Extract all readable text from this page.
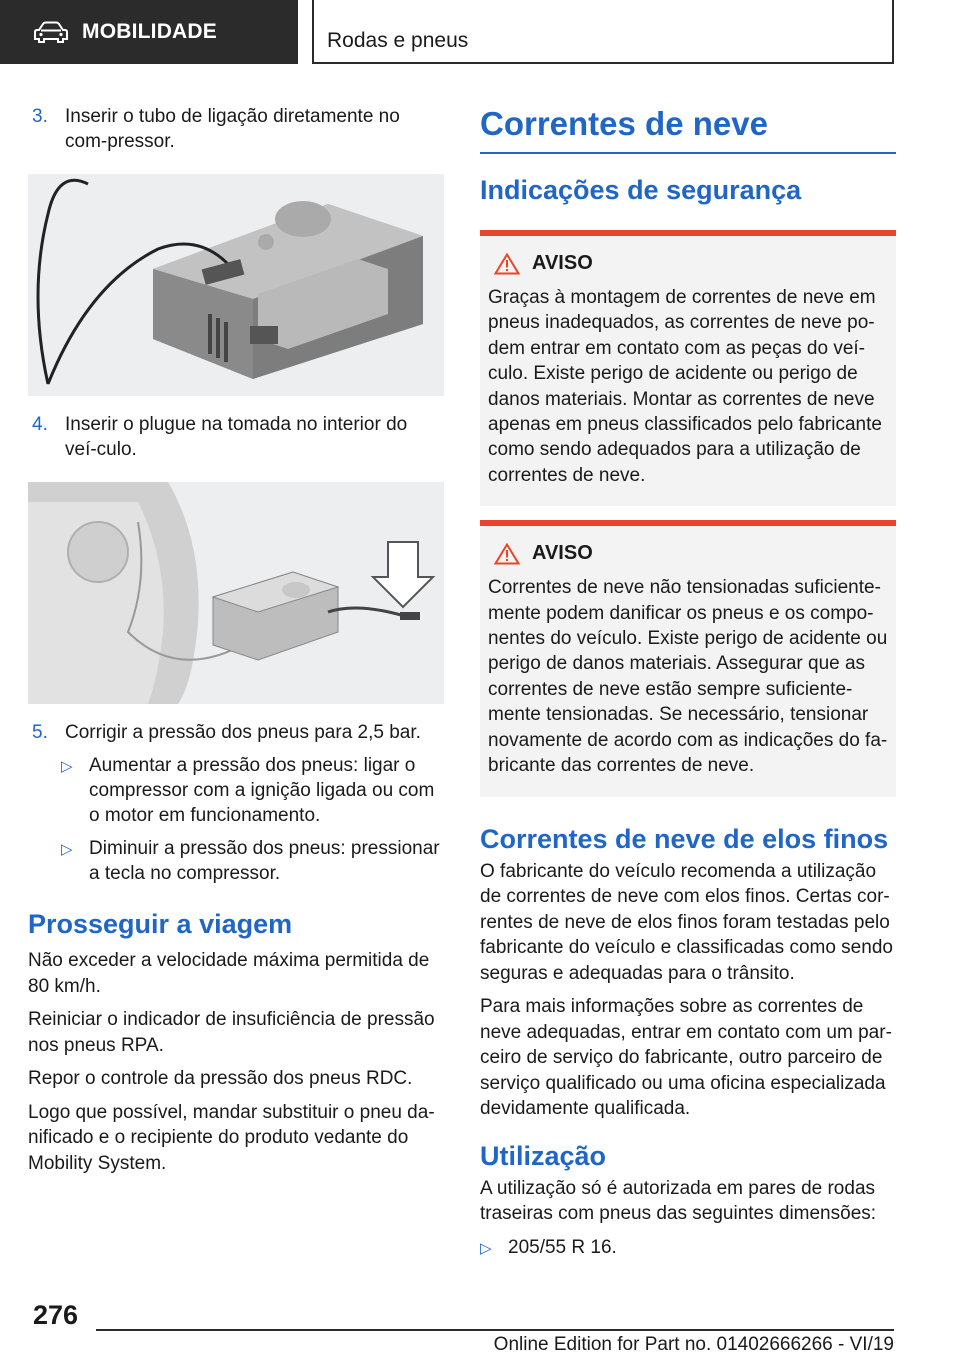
MOBILIDADE	Rodas e pneus
3. Inserir o tubo de ligação diretamente no com-pressor.
4. Inserir o plugue na tomada no interior do veí-culo.
5. Corrigir a pressão dos pneus para 2,5 bar.
▷ Aumentar a pressão dos pneus: ligar o compressor com a ignição ligada ou com o motor em funcionamento.
▷ Diminuir a pressão dos pneus: pressionar a tecla no compressor.
Prosseguir a viagem
Não exceder a velocidade máxima permitida de 80 km/h.
Reiniciar o indicador de insuficiência de pressão nos pneus RPA.
Repor o controle da pressão dos pneus RDC.
Logo que possível, mandar substituir o pneu da-nificado e o recipiente do produto vedante do Mobility System.
Correntes de neve
Indicações de segurança
AVISO
Graças à montagem de correntes de neve em pneus inadequados, as correntes de neve po-dem entrar em contato com as peças do veí-culo. Existe perigo de acidente ou perigo de danos materiais. Montar as correntes de neve apenas em pneus classificados pelo fabricante como sendo adequados para a utilização de correntes de neve.
AVISO
Correntes de neve não tensionadas suficiente-mente podem danificar os pneus e os compo-nentes do veículo. Existe perigo de acidente ou perigo de danos materiais. Assegurar que as correntes de neve estão sempre suficiente-mente tensionadas. Se necessário, tensionar novamente de acordo com as indicações do fa-bricante das correntes de neve.
Correntes de neve de elos finos
O fabricante do veículo recomenda a utilização de correntes de neve com elos finos. Certas cor-rentes de neve de elos finos foram testadas pelo fabricante do veículo e classificadas como sendo seguras e adequadas para o trânsito.
Para mais informações sobre as correntes de neve adequadas, entrar em contato com um par-ceiro de serviço do fabricante, outro parceiro de serviço qualificado ou uma oficina especializada devidamente qualificada.
Utilização
A utilização só é autorizada em pares de rodas traseiras com pneus das seguintes dimensões:
▷ 205/55 R 16.
276
Online Edition for Part no. 01402666266 - VI/19
